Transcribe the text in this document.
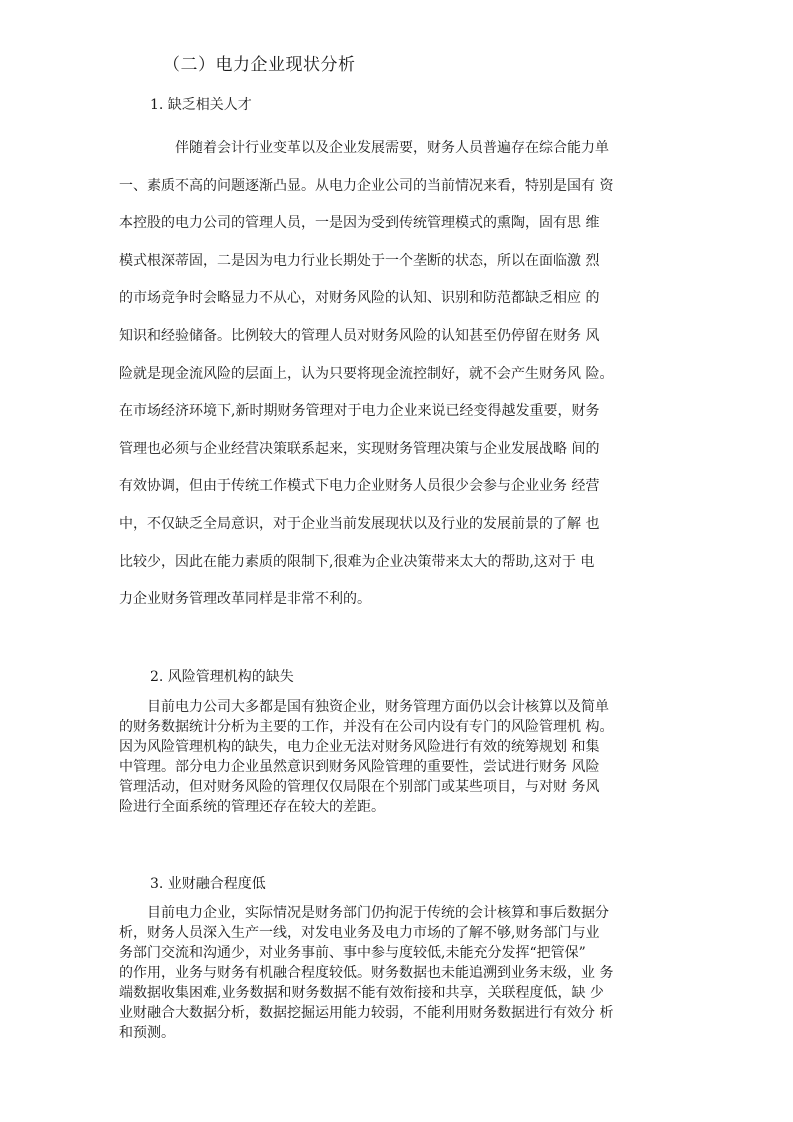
（二）电力企业现状分析
1. 缺乏相关人才

伴随着会计行业变革以及企业发展需要，财务人员普遍存在综合能力单
一、素质不高的问题逐渐凸显。从电力企业公司的当前情况来看，特别是国有 资
本控股的电力公司的管理人员，一是因为受到传统管理模式的熏陶，固有思 维
模式根深蒂固，二是因为电力行业长期处于一个垄断的状态，所以在面临激 烈
的市场竞争时会略显力不从心，对财务风险的认知、识别和防范都缺乏相应 的
知识和经验储备。比例较大的管理人员对财务风险的认知甚至仍停留在财务 风
险就是现金流风险的层面上，认为只要将现金流控制好，就不会产生财务风 险。
在市场经济环境下,新时期财务管理对于电力企业来说已经变得越发重要，财务
管理也必须与企业经营决策联系起来，实现财务管理决策与企业发展战略 间的
有效协调，但由于传统工作模式下电力企业财务人员很少会参与企业业务 经营
中，不仅缺乏全局意识，对于企业当前发展现状以及行业的发展前景的了解 也
比较少，因此在能力素质的限制下,很难为企业决策带来太大的帮助,这对于 电
力企业财务管理改革同样是非常不利的。

2. 风险管理机构的缺失

目前电力公司大多都是国有独资企业，财务管理方面仍以会计核算以及简单
的财务数据统计分析为主要的工作，并没有在公司内设有专门的风险管理机 构。
因为风险管理机构的缺失，电力企业无法对财务风险进行有效的统筹规划 和集
中管理。部分电力企业虽然意识到财务风险管理的重要性，尝试进行财务 风险
管理活动，但对财务风险的管理仅仅局限在个别部门或某些项目，与对财 务风
险进行全面系统的管理还存在较大的差距。

3. 业财融合程度低

目前电力企业，实际情况是财务部门仍拘泥于传统的会计核算和事后数据分
析，财务人员深入生产一线，对发电业务及电力市场的了解不够,财务部门与业
务部门交流和沟通少，对业务事前、事中参与度较低,未能充分发挥“把管保”
的作用，业务与财务有机融合程度较低。财务数据也未能追溯到业务末级，业 务
端数据收集困难,业务数据和财务数据不能有效衔接和共享，关联程度低，缺 少
业财融合大数据分析，数据挖掘运用能力较弱，不能利用财务数据进行有效分 析
和预测。
